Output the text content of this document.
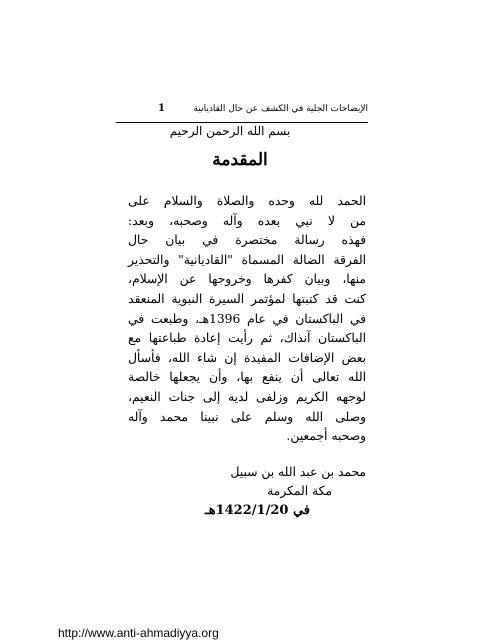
الإيضاحات الجلية في الكشف عن حال القاديانية
1
بسم الله الرحمن الرحيم
المقدمة
الحمد لله وحده والصلاة والسلام على
من لا نبي بعده وآله وصحبه، وبعد:
فهذه رسالة مختصرة في بيان حال
الفرقة الضالة المسماة "القاديانية" والتحذير
منها، وبيان كفرها وخروجها عن الإسلام،
كنت قد كتبتها لمؤتمر السيرة النبوية المنعقد
في الباكستان في عام 1396هـ، وطبعت في
الباكستان آنذاك، ثم رأيت إعادة طباعتها مع
بعض الإضافات المفيدة إن شاء الله، فأسأل
الله تعالى أن ينفع بها، وأن يجعلها خالصة
لوجهه الكريم وزلفى لديه إلى جنات النعيم،
وصلى الله وسلم على نبينا محمد وآله
وصحبه أجمعين.
محمد بن عبد الله بن سبيل
مكة المكرمة
في 1422/1/20هـ
http://www.anti-ahmadiyya.org
